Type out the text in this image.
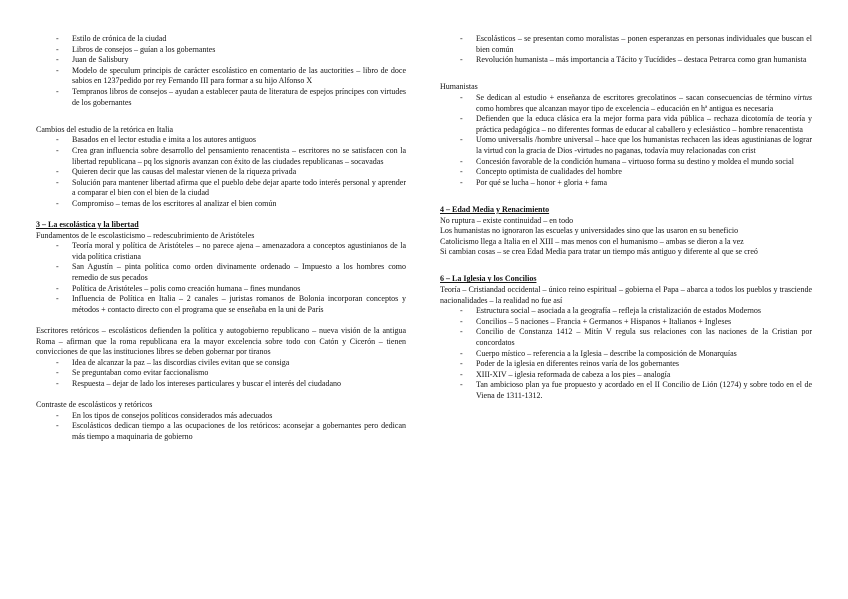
- Estilo de crónica de la ciudad
- Libros de consejos – guían a los gobernantes
- Juan de Salisbury
- Modelo de speculum principis de carácter escolástico en comentario de las auctorities – libro de doce sabios en 1237pedido por rey Fernando III para formar a su hijo Alfonso X
- Tempranos libros de consejos – ayudan a establecer pauta de literatura de espejos príncipes con virtudes de los gobernantes

Cambios del estudio de la retórica en Italia

- Basados en el lector estudia e imita a los autores antiguos
- Crea gran influencia sobre desarrollo del pensamiento renacentista – escritores no se satisfacen con la libertad republicana – pq los signoris avanzan con éxito de las ciudades republicanas – socavadas
- Quieren decir que las causas del malestar vienen de la riqueza privada
- Solución para mantener libertad afirma que el pueblo debe dejar aparte todo interés personal y aprender a comparar el bien con el bien de la ciudad
- Compromiso – temas de los escritores al analizar el bien común

3 – La escolástica y la libertad

Fundamentos de le escolasticismo – redescubrimiento de Aristóteles

- Teoría moral y política de Aristóteles – no parece ajena – amenazadora a conceptos agustinianos de la vida política cristiana
- San Agustín – pinta política como orden divinamente ordenado – Impuesto a los hombres como remedio de sus pecados
- Política de Aristóteles – polis como creación humana – fines mundanos
- Influencia de Política en Italia – 2 canales – juristas romanos de Bolonia incorporan conceptos y métodos + contacto directo con el programa que se enseñaba en la uni de París

Escritores retóricos – escolásticos defienden la política y autogobierno republicano – nueva visión de la antigua Roma – afirman que la roma republicana era la mayor excelencia sobre todo con Catón y Cicerón – tienen convicciones de que las instituciones libres se deben gobernar por tiranos

- Idea de alcanzar la paz – las discordias civiles evitan que se consiga
- Se preguntaban como evitar faccionalismo
- Respuesta – dejar de lado los intereses particulares y buscar el interés del ciudadano

Contraste de escolásticos y retóricos

- En los tipos de consejos políticos considerados más adecuados
- Escolásticos dedican tiempo a las ocupaciones de los retóricos: aconsejar a gobernantes pero dedican más tiempo a maquinaria de gobierno
- Escolásticos – se presentan como moralistas – ponen esperanzas en personas individuales que buscan el bien común
- Revolución humanista – más importancia a Tácito y Tucídides – destaca Petrarca como gran humanista

Humanistas

- Se dedican al estudio + enseñanza de escritores grecolatinos – sacan consecuencias de término virtus como hombres que alcanzan mayor tipo de excelencia – educación en hª antigua es necesaria
- Defienden que la educa clásica era la mejor forma para vida pública – rechaza dicotomía de teoría y práctica pedagógica – no diferentes formas de educar al caballero y eclesiástico – hombre renacentista
- Uomo universalis /hombre universal – hace que los humanistas rechacen las ideas agustinianas de lograr la virtud con la gracia de Dios -virtudes no paganas, todavía muy relacionadas con crist
- Concesión favorable de la condición humana – virtuoso forma su destino y moldea el mundo social
- Concepto optimista de cualidades del hombre
- Por qué se lucha – honor + gloria + fama

4 – Edad Media y Renacimiento

No ruptura – existe continuidad – en todo

Los humanistas no ignoraron las escuelas y universidades sino que las usaron en su beneficio

Catolicismo llega a Italia en el XIII – mas menos con el humanismo – ambas se dieron a la vez

Si cambian cosas – se crea Edad Media para tratar un tiempo más antiguo y diferente al que se creó

6 – La Iglesia y los Concilios

Teoría – Cristiandad occidental – único reino espiritual – gobierna el Papa – abarca a todos los pueblos y trasciende nacionalidades – la realidad no fue así

- Estructura social – asociada a la geografía – refleja la cristalización de estados Modernos
- Concilios – 5 naciones – Francia + Germanos + Hispanos + Italianos + Ingleses
- Concilio de Constanza 1412 – Mitín V regula sus relaciones con las naciones de la Cristian por concordatos
- Cuerpo místico – referencia a la Iglesia – describe la composición de Monarquías
- Poder de la iglesia en diferentes reinos varía de los gobernantes
- XIII-XIV – iglesia reformada de cabeza a los pies – analogía
- Tan ambicioso plan ya fue propuesto y acordado en el II Concilio de Lión (1274) y sobre todo en el de Viena de 1311-1312.
